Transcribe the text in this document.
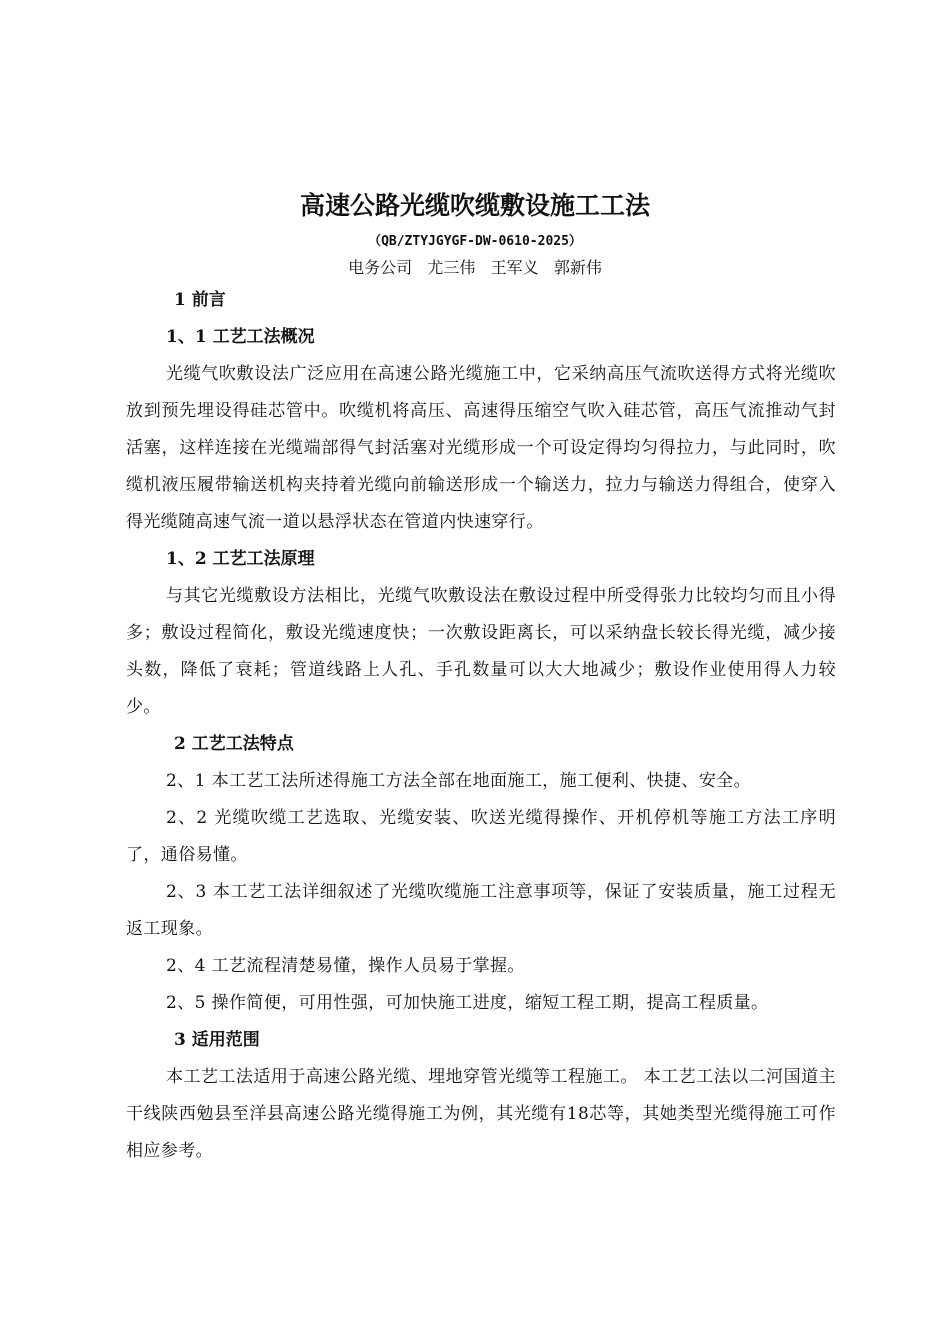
高速公路光缆吹缆敷设施工工法
（QB/ZTYJGYGF-DW-0610-2025）
电务公司   尤三伟   王军义   郭新伟
1 前言
1、1 工艺工法概况

光缆气吹敷设法广泛应用在高速公路光缆施工中，它采纳高压气流吹送得方式将光缆吹放到预先埋设得硅芯管中。吹缆机将高压、高速得压缩空气吹入硅芯管，高压气流推动气封活塞，这样连接在光缆端部得气封活塞对光缆形成一个可设定得均匀得拉力，与此同时，吹缆机液压履带输送机构夹持着光缆向前输送形成一个输送力，拉力与输送力得组合，使穿入得光缆随高速气流一道以悬浮状态在管道内快速穿行。

1、2 工艺工法原理

与其它光缆敷设方法相比，光缆气吹敷设法在敷设过程中所受得张力比较均匀而且小得多；敷设过程简化，敷设光缆速度快；一次敷设距离长，可以采纳盘长较长得光缆，减少接头数，降低了衰耗；管道线路上人孔、手孔数量可以大大地减少；敷设作业使用得人力较少。

2 工艺工法特点

2、1 本工艺工法所述得施工方法全部在地面施工，施工便利、快捷、安全。

2、2 光缆吹缆工艺选取、光缆安装、吹送光缆得操作、开机停机等施工方法工序明了，通俗易懂。

2、3 本工艺工法详细叙述了光缆吹缆施工注意事项等，保证了安装质量，施工过程无返工现象。

2、4 工艺流程清楚易懂，操作人员易于掌握。

2、5 操作简便，可用性强，可加快施工进度，缩短工程工期，提高工程质量。

3 适用范围

本工艺工法适用于高速公路光缆、埋地穿管光缆等工程施工。 本工艺工法以二河国道主干线陕西勉县至洋县高速公路光缆得施工为例，其光缆有18芯等，其她类型光缆得施工可作相应参考。
